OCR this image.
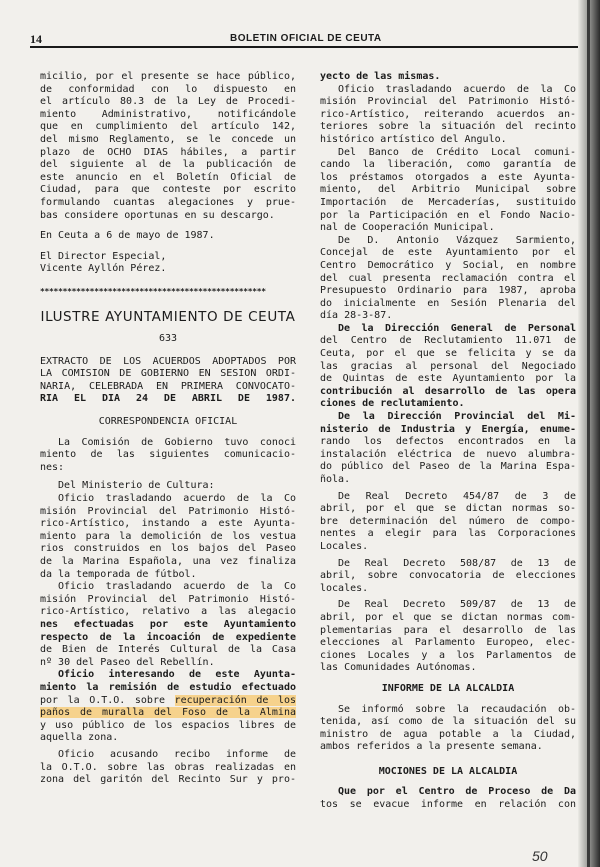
14	BOLETIN OFICIAL DE CEUTA
micilio, por el presente se hace público,
de conformidad con lo dispuesto en
el artículo 80.3 de la Ley de Procedi-
miento Administrativo, notificándole
que en cumplimiento del artículo 142,
del mismo Reglamento, se le concede un
plazo de OCHO DIAS hábiles, a partir
del siguiente al de la publicación de
este anuncio en el Boletín Oficial de
Ciudad, para que conteste por escrito
formulando cuantas alegaciones y prue-
bas considere oportunas en su descargo.
En Ceuta a 6 de mayo de 1987.
El Director Especial,
Vicente Ayllón Pérez.
**************************************************
ILUSTRE AYUNTAMIENTO DE CEUTA
633
EXTRACTO DE LOS ACUERDOS ADOPTADOS POR
LA COMISION DE GOBIERNO EN SESION ORDI-
NARIA, CELEBRADA EN PRIMERA CONVOCATO-
RIA EL DIA 24 DE ABRIL DE 1987.
CORRESPONDENCIA OFICIAL
La Comisión de Gobierno tuvo conoci
miento de las siguientes comunicacio-
nes:
Del Ministerio de Cultura:
Oficio trasladando acuerdo de la Co
misión Provincial del Patrimonio Histó-
rico-Artístico, instando a este Ayunta-
miento para la demolición de los vestua
rios construidos en los bajos del Paseo
de la Marina Española, una vez finaliza
da la temporada de fútbol.
Oficio trasladando acuerdo de la Co
misión Provincial del Patrimonio Histó-
rico-Artístico, relativo a las alegacio
nes efectuadas por este Ayuntamiento
respecto de la incoación de expediente
de Bien de Interés Cultural de la Casa
nº 30 del Paseo del Rebellín.
Oficio interesando de este Ayunta-
miento la remisión de estudio efectuado
por la O.T.O. sobre recuperación de los
paños de muralla del Foso de la Almina
y uso público de los espacios libres de
aquella zona.
Oficio acusando recibo informe de
la O.T.O. sobre las obras realizadas en
zona del garitón del Recinto Sur y pro-
yecto de las mismas.
Oficio trasladando acuerdo de la Co
misión Provincial del Patrimonio Histó-
rico-Artístico, reiterando acuerdos an-
teriores sobre la situación del recinto
histórico artístico del Angulo.
Del Banco de Crédito Local comuni-
cando la liberación, como garantía de
los préstamos otorgados a este Ayunta-
miento, del Arbitrio Municipal sobre
Importación de Mercaderías, sustituido
por la Participación en el Fondo Nacio-
nal de Cooperación Municipal.
De D. Antonio Vázquez Sarmiento,
Concejal de este Ayuntamiento por el
Centro Democrático y Social, en nombre
del cual presenta reclamación contra el
Presupuesto Ordinario para 1987, aproba
do inicialmente en Sesión Plenaria del
día 28-3-87.
De la Dirección General de Personal
del Centro de Reclutamiento 11.071 de
Ceuta, por el que se felicita y se da
las gracias al personal del Negociado
de Quintas de este Ayuntamiento por la
contribución al desarrollo de las opera
ciones de reclutamiento.
De la Dirección Provincial del Mi-
nisterio de Industria y Energía, enume-
rando los defectos encontrados en la
instalación eléctrica de nuevo alumbra-
do público del Paseo de la Marina Espa-
ñola.
De Real Decreto 454/87 de 3 de
abril, por el que se dictan normas so-
bre determinación del número de compo-
nentes a elegir para las Corporaciones
Locales.
De Real Decreto 508/87 de 13 de
abril, sobre convocatoria de elecciones
locales.
De Real Decreto 509/87 de 13 de
abril, por el que se dictan normas com-
plementarias para el desarrollo de las
elecciones al Parlamento Europeo, elec-
ciones Locales y a los Parlamentos de
las Comunidades Autónomas.
INFORME DE LA ALCALDIA
Se informó sobre la recaudación ob-
tenida, así como de la situación del su
ministro de agua potable a la Ciudad,
ambos referidos a la presente semana.
MOCIONES DE LA ALCALDIA
Que por el Centro de Proceso de Da
tos se evacue informe en relación con
50
